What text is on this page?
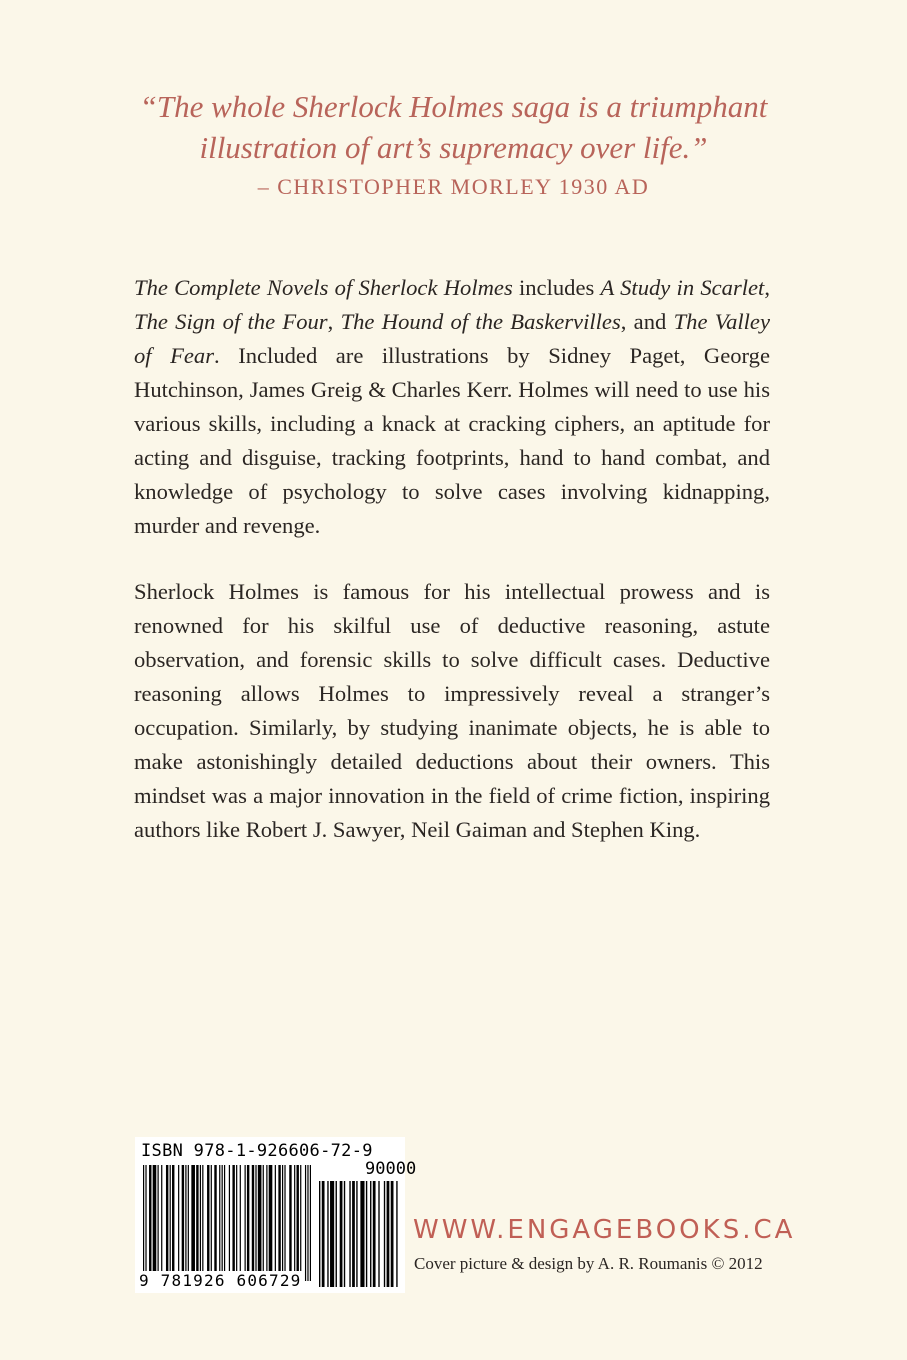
“The whole Sherlock Holmes saga is a triumphant
illustration of art’s supremacy over life.”

– CHRISTOPHER MORLEY 1930 AD

The Complete Novels of Sherlock Holmes includes A Study in Scarlet, The Sign of the Four, The Hound of the Baskervilles, and The Valley of Fear. Included are illustrations by Sidney Paget, George Hutchinson, James Greig & Charles Kerr. Holmes will need to use his various skills, including a knack at cracking ciphers, an aptitude for acting and disguise, tracking footprints, hand to hand combat, and knowledge of psychology to solve cases involving kidnapping, murder and revenge.

Sherlock Holmes is famous for his intellectual prowess and is renowned for his skilful use of deductive reasoning, astute observation, and forensic skills to solve difficult cases. Deductive reasoning allows Holmes to impressively reveal a stranger’s occupation. Similarly, by studying inanimate objects, he is able to make astonishingly detailed deductions about their owners. This mindset was a major innovation in the field of crime fiction, inspiring authors like Robert J. Sawyer, Neil Gaiman and Stephen King.

ISBN 978-1-926606-72-9
90000
9 781926 606729
WWW.ENGAGEBOOKS.CA
Cover picture & design by A. R. Roumanis © 2012
